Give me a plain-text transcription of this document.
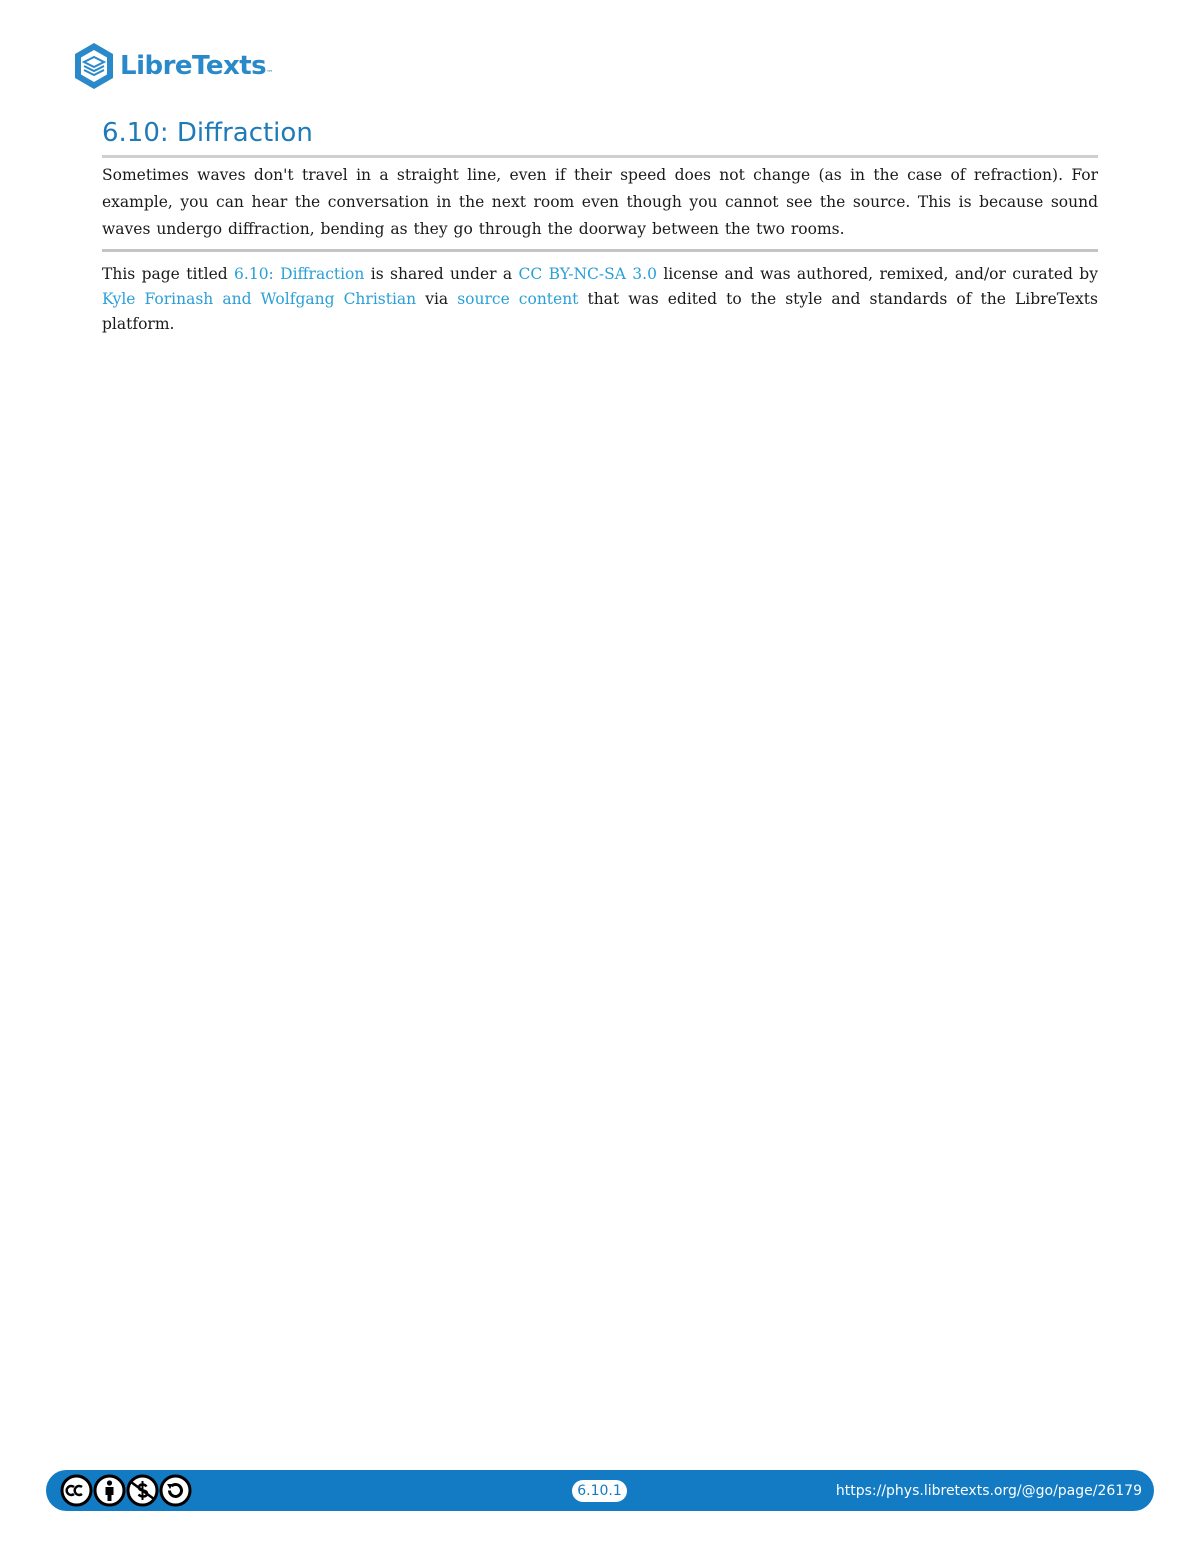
LibreTexts ™
6.10: Diffraction

Sometimes waves don't travel in a straight line, even if their speed does not change (as in the case of refraction). For example, you can hear the conversation in the next room even though you cannot see the source. This is because sound waves undergo diffraction, bending as they go through the doorway between the two rooms.

This page titled 6.10: Diffraction is shared under a CC BY-NC-SA 3.0 license and was authored, remixed, and/or curated by Kyle Forinash and Wolfgang Christian via source content that was edited to the style and standards of the LibreTexts platform.

6.10.1	https://phys.libretexts.org/@go/page/26179
